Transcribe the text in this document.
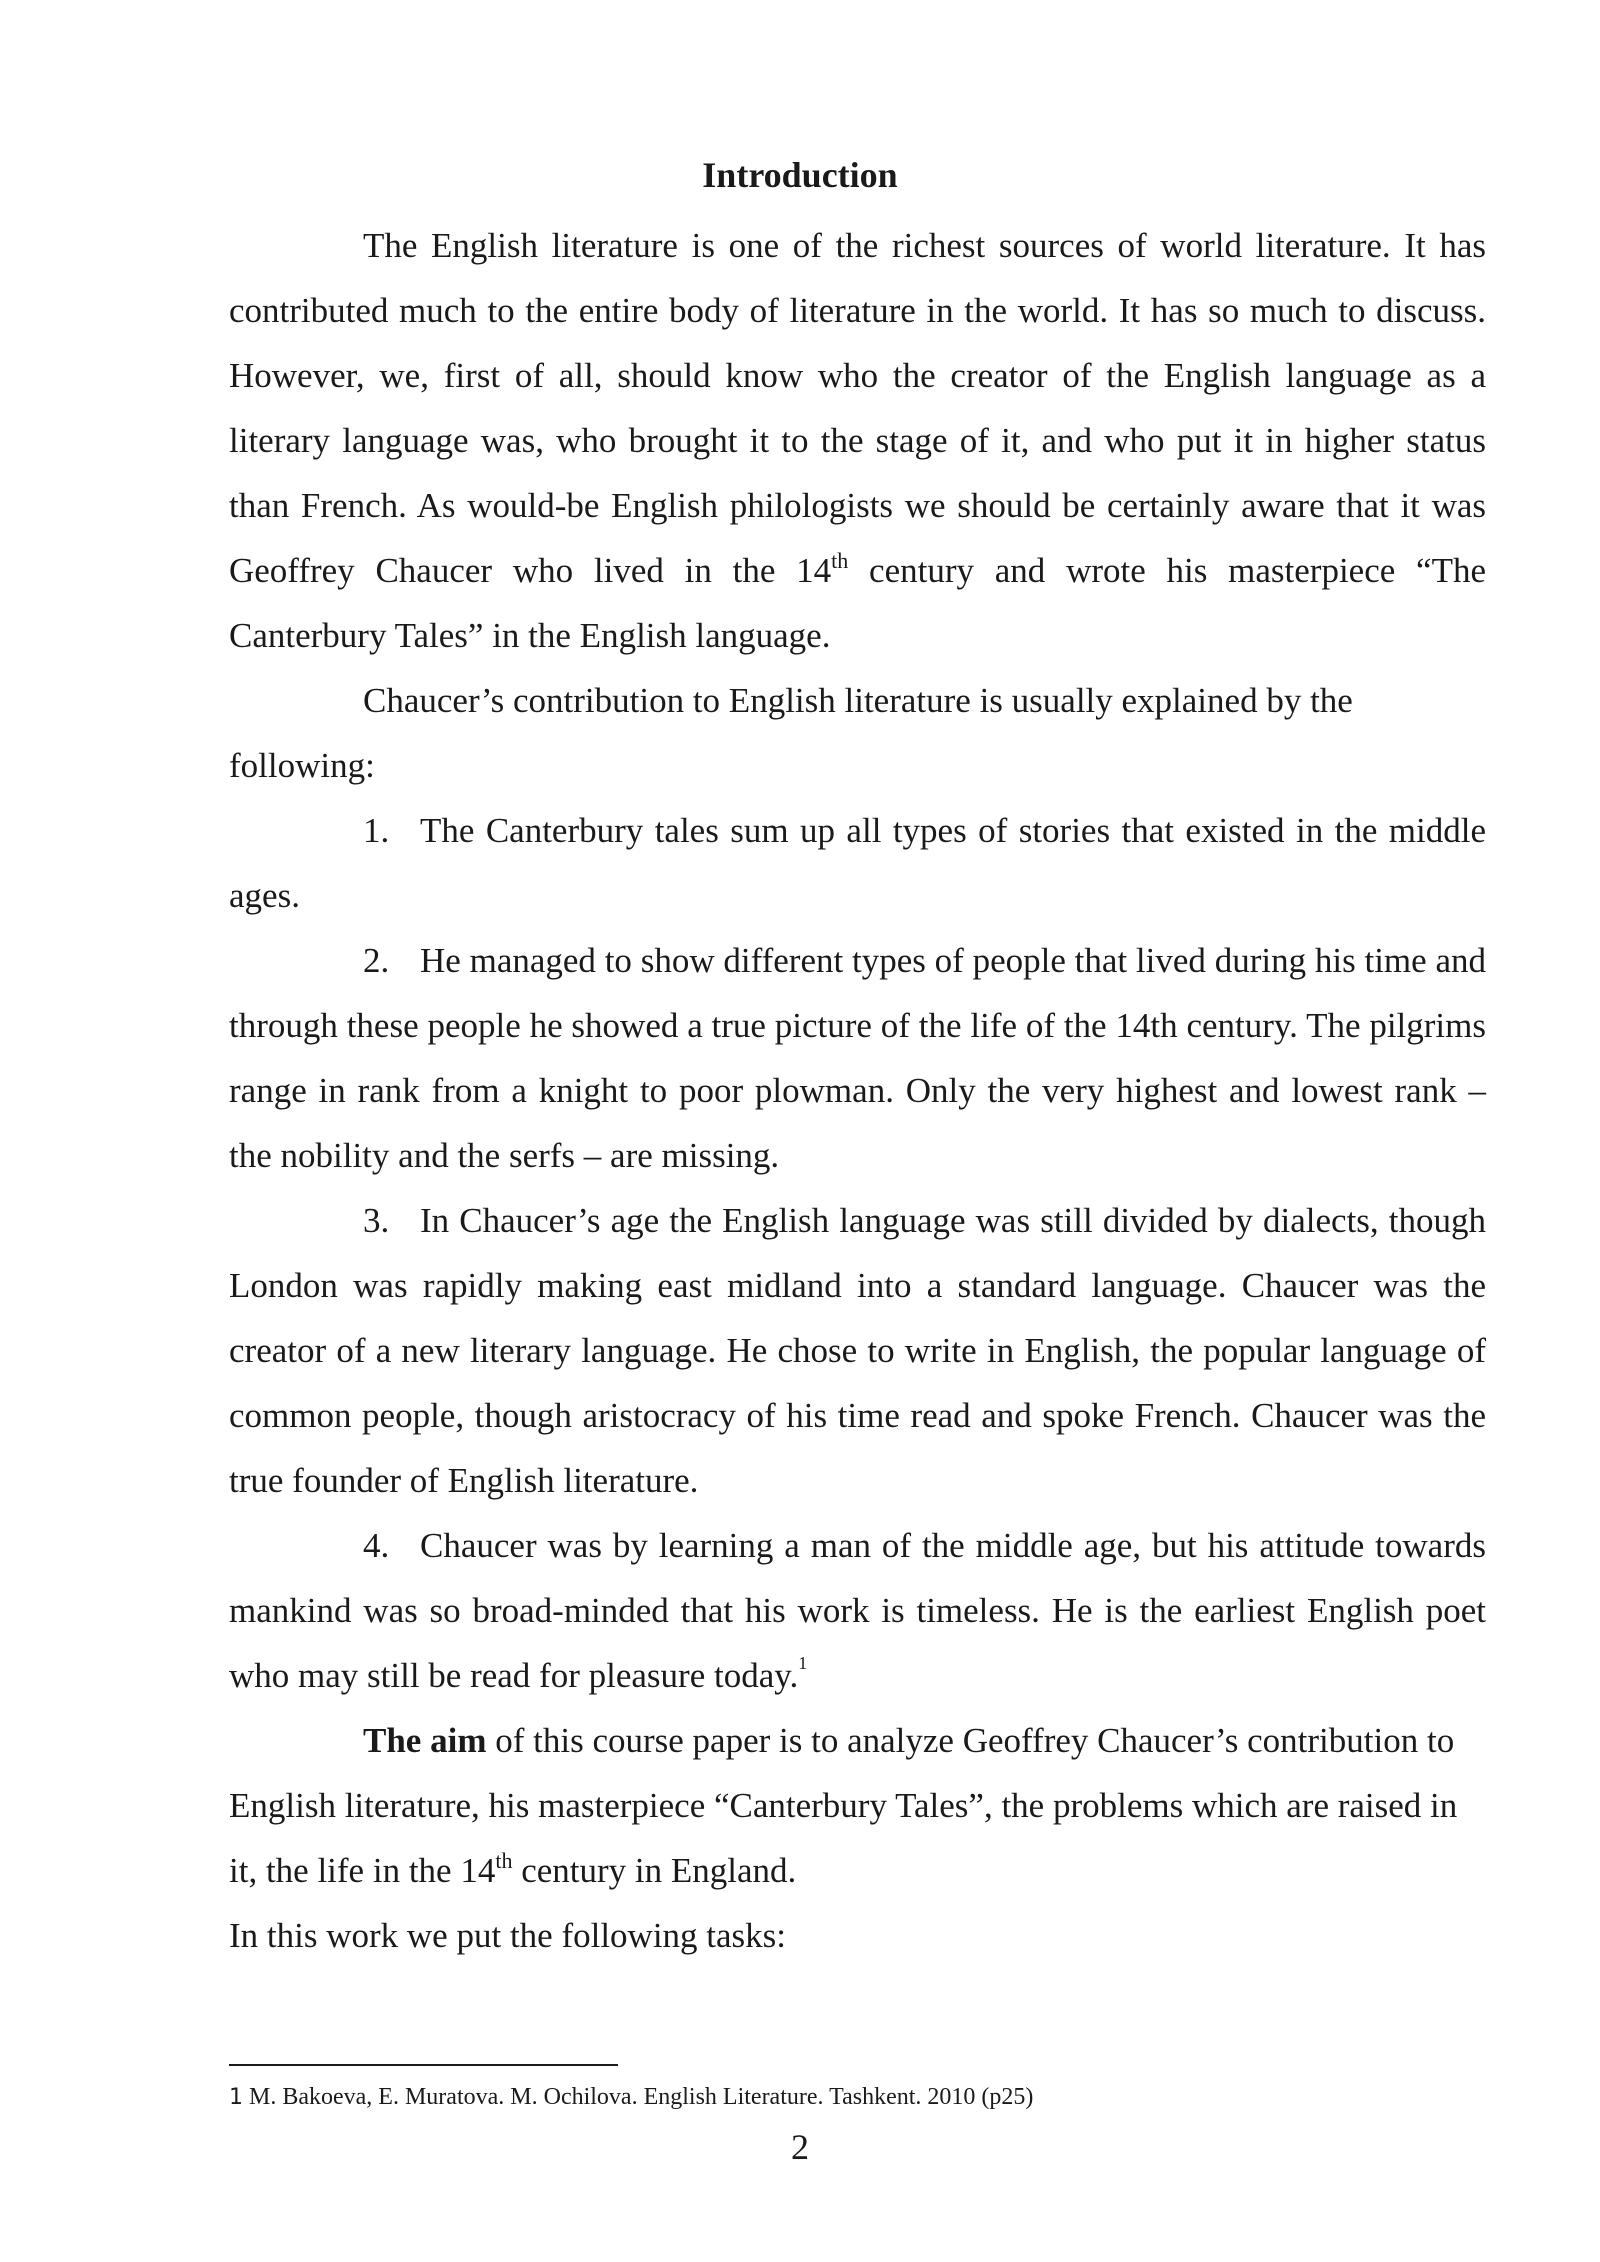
Introduction

The English literature is one of the richest sources of world literature. It has contributed much to the entire body of literature in the world. It has so much to discuss. However, we, first of all, should know who the creator of the English language as a literary language was, who brought it to the stage of it, and who put it in higher status than French. As would-be English philologists we should be certainly aware that it was Geoffrey Chaucer who lived in the 14th century and wrote his masterpiece “The Canterbury Tales” in the English language.

Chaucer’s contribution to English literature is usually explained by the following:

1. The Canterbury tales sum up all types of stories that existed in the middle ages.

2. He managed to show different types of people that lived during his time and through these people he showed a true picture of the life of the 14th century. The pilgrims range in rank from a knight to poor plowman. Only the very highest and lowest rank – the nobility and the serfs – are missing.

3. In Chaucer’s age the English language was still divided by dialects, though London was rapidly making east midland into a standard language. Chaucer was the creator of a new literary language. He chose to write in English, the popular language of common people, though aristocracy of his time read and spoke French. Chaucer was the true founder of English literature.

4. Chaucer was by learning a man of the middle age, but his attitude towards mankind was so broad-minded that his work is timeless. He is the earliest English poet who may still be read for pleasure today.$^1$

The aim of this course paper is to analyze Geoffrey Chaucer’s contribution to English literature, his masterpiece “Canterbury Tales”, the problems which are raised in it, the life in the 14th century in England.

In this work we put the following tasks:

1 M. Bakoeva, E. Muratova. M. Ochilova. English Literature. Tashkent. 2010 (p25)
2
